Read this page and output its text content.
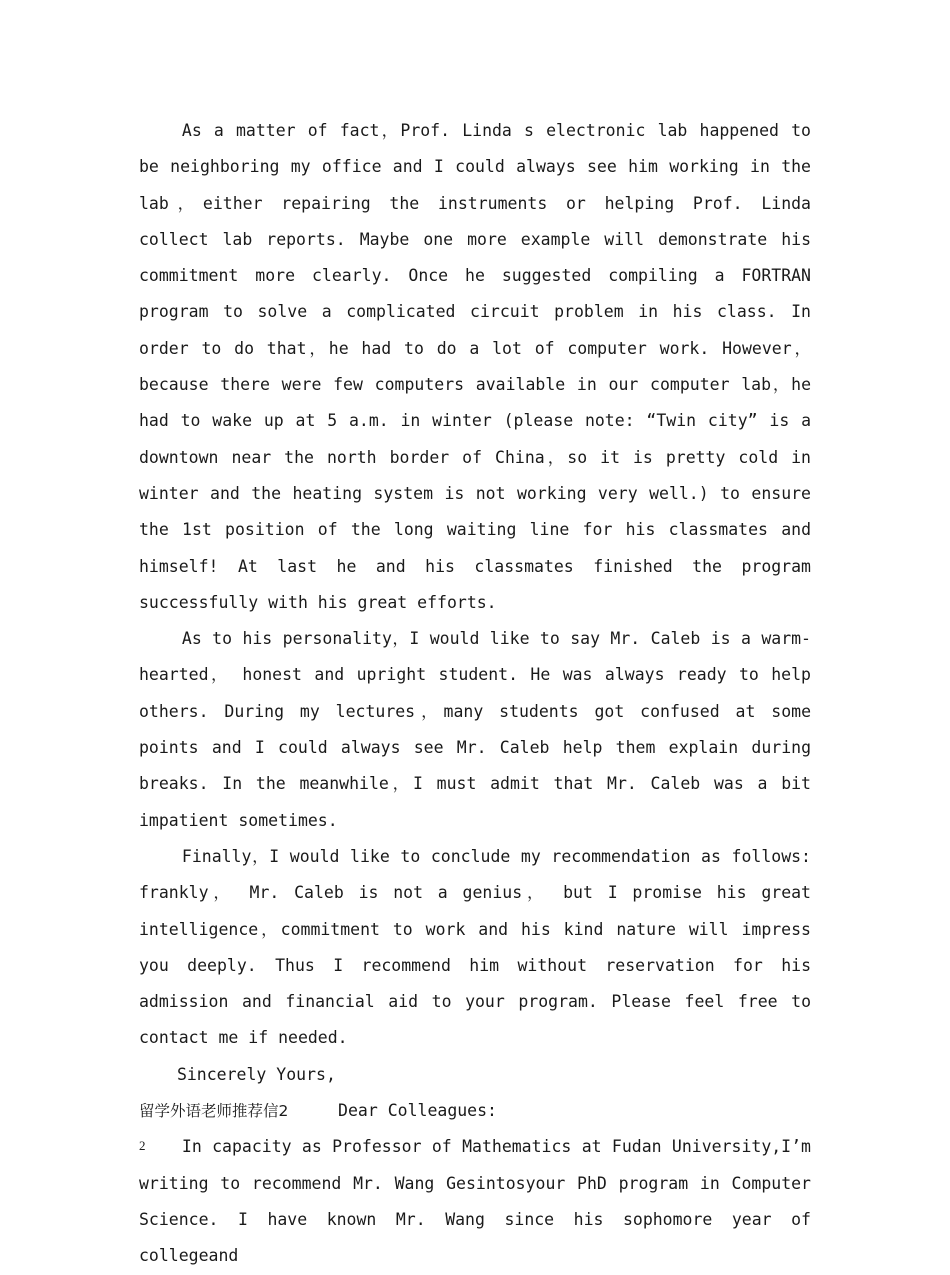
As a matter of fact，Prof. Linda s electronic lab happened to be neighboring my office and I could always see him working in the lab，either repairing the instruments or helping Prof. Linda collect lab reports. Maybe one more example will demonstrate his commitment more clearly. Once he suggested compiling a FORTRAN program to solve a complicated circuit problem in his class. In order to do that，he had to do a lot of computer work. However，because there were few computers available in our computer lab，he had to wake up at 5 a.m. in winter (please note: “Twin city” is a downtown near the north border of China，so it is pretty cold in winter and the heating system is not working very well.) to ensure the 1st position of the long waiting line for his classmates and himself! At last he and his classmates finished the program successfully with his great efforts.

As to his personality，I would like to say Mr. Caleb is a warm-hearted， honest and upright student. He was always ready to help others. During my lectures，many students got confused at some points and I could always see Mr. Caleb help them explain during breaks. In the meanwhile，I must admit that Mr. Caleb was a bit impatient sometimes.

Finally，I would like to conclude my recommendation as follows: frankly， Mr. Caleb is not a genius， but I promise his great intelligence，commitment to work and his kind nature will impress you deeply. Thus I recommend him without reservation for his admission and financial aid to your program. Please feel free to contact me if needed.

Sincerely Yours,

留学外语老师推荐信2	Dear Colleagues:

In capacity as Professor of Mathematics at Fudan University,I’m writing to recommend Mr. Wang Gesintosyour PhD program in Computer Science. I have known Mr. Wang since his sophomore year of collegeand

2
